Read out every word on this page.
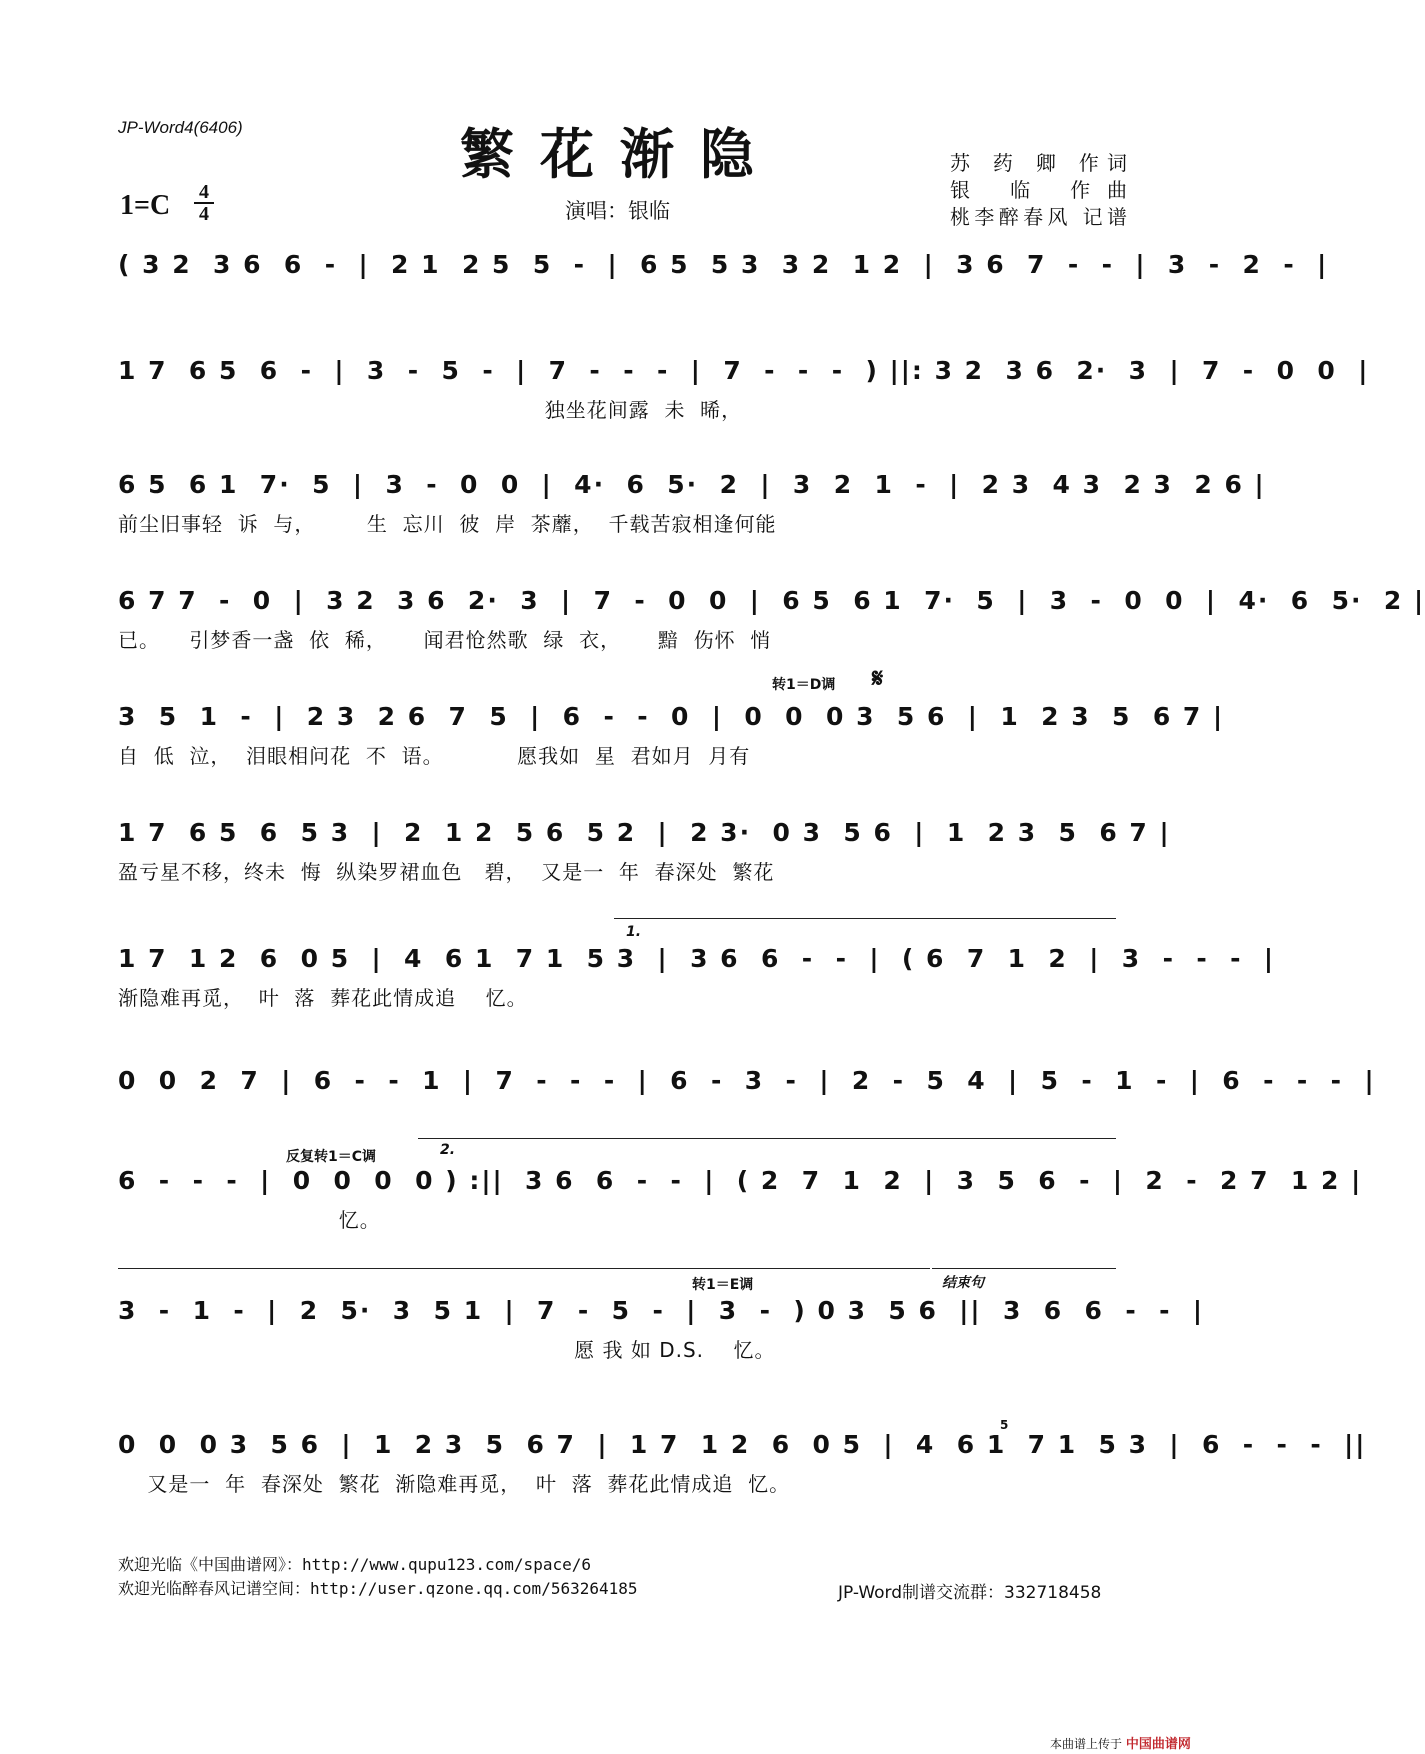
JP-Word4(6406)	繁花渐隐	苏 药 卿 作词
银 临 作曲
桃李醉春风 记谱
1=C 4
4	演唱：银临
( 3 2  3 6  6  -  |  2 1  2 5  5  -  |  6 5  5 3  3 2  1 2  |  3 6  7  -  -  |  3  -  2  -  |
1 7  6 5  6  -  |  3  -  5  -  |  7  -  -  -  |  7  -  -  -  ) ||: 3 2  3 6  2·  3  |  7  -  0  0  |
独坐花间露  未  晞，
6 5  6 1  7·  5  |  3  -  0  0  |  4·  6  5·  2  |  3  2  1  -  |  2 3  4 3  2 3  2 6 |
前尘旧事轻  诉  与，       生  忘川  彼  岸  茶蘼，  千载苦寂相逢何能
6 7 7  -  0  |  3 2  3 6  2·  3  |  7  -  0  0  |  6 5  6 1  7·  5  |  3  -  0  0  |  4·  6  5·  2 |
已。    引梦香一盏  依  稀，     闻君怆然歌  绿  衣，     黯  伤怀  悄
转1＝D调 𝄋
3  5  1  -  |  2 3  2 6  7  5  |  6  -  -  0  |  0  0  0 3  5 6  |  1  2 3  5  6 7 |
自  低  泣，  泪眼相问花  不  语。          愿我如  星  君如月  月有
1 7  6 5  6  5 3  |  2  1 2  5 6  5 2  |  2 3·  0 3  5 6  |  1  2 3  5  6 7 |
盈亏星不移，终未  悔  纵染罗裙血色   碧，  又是一  年  春深处  繁花
1.
1 7  1 2  6  0 5  |  4  6 1  7 1  5 3  |  3 6  6  -  -  |  ( 6  7  1  2  |  3  -  -  -  |
渐隐难再觅，  叶  落  葬花此情成追    忆。
0  0  2  7  |  6  -  -  1  |  7  -  -  -  |  6  -  3  -  |  2  -  5  4  |  5  -  1  -  |  6  -  -  -  |
反复转1＝C调	2.
6  -  -  -  |  0  0  0  0 ) :||  3 6  6  -  -  |  ( 2  7  1  2  |  3  5  6  -  |  2  -  2 7  1 2 |
忆。
转1＝E调	结束句
3  -  1  -  |  2  5·  3  5 1  |  7  -  5  -  |  3  -  ) 0 3  5 6  ||  3  6  6  -  -  |
愿 我 如 D.S.    忆。
5
0  0  0 3  5 6  |  1  2 3  5  6 7  |  1 7  1 2  6  0 5  |  4  6 1  7 1  5 3  |  6  -  -  -  ||
又是一  年  春深处  繁花  渐隐难再觅，  叶  落  葬花此情成追  忆。
欢迎光临《中国曲谱网》：http://www.qupu123.com/space/6
欢迎光临醉春风记谱空间：http://user.qzone.qq.com/563264185	JP-Word制谱交流群：332718458
本曲谱上传于 中国曲谱网
